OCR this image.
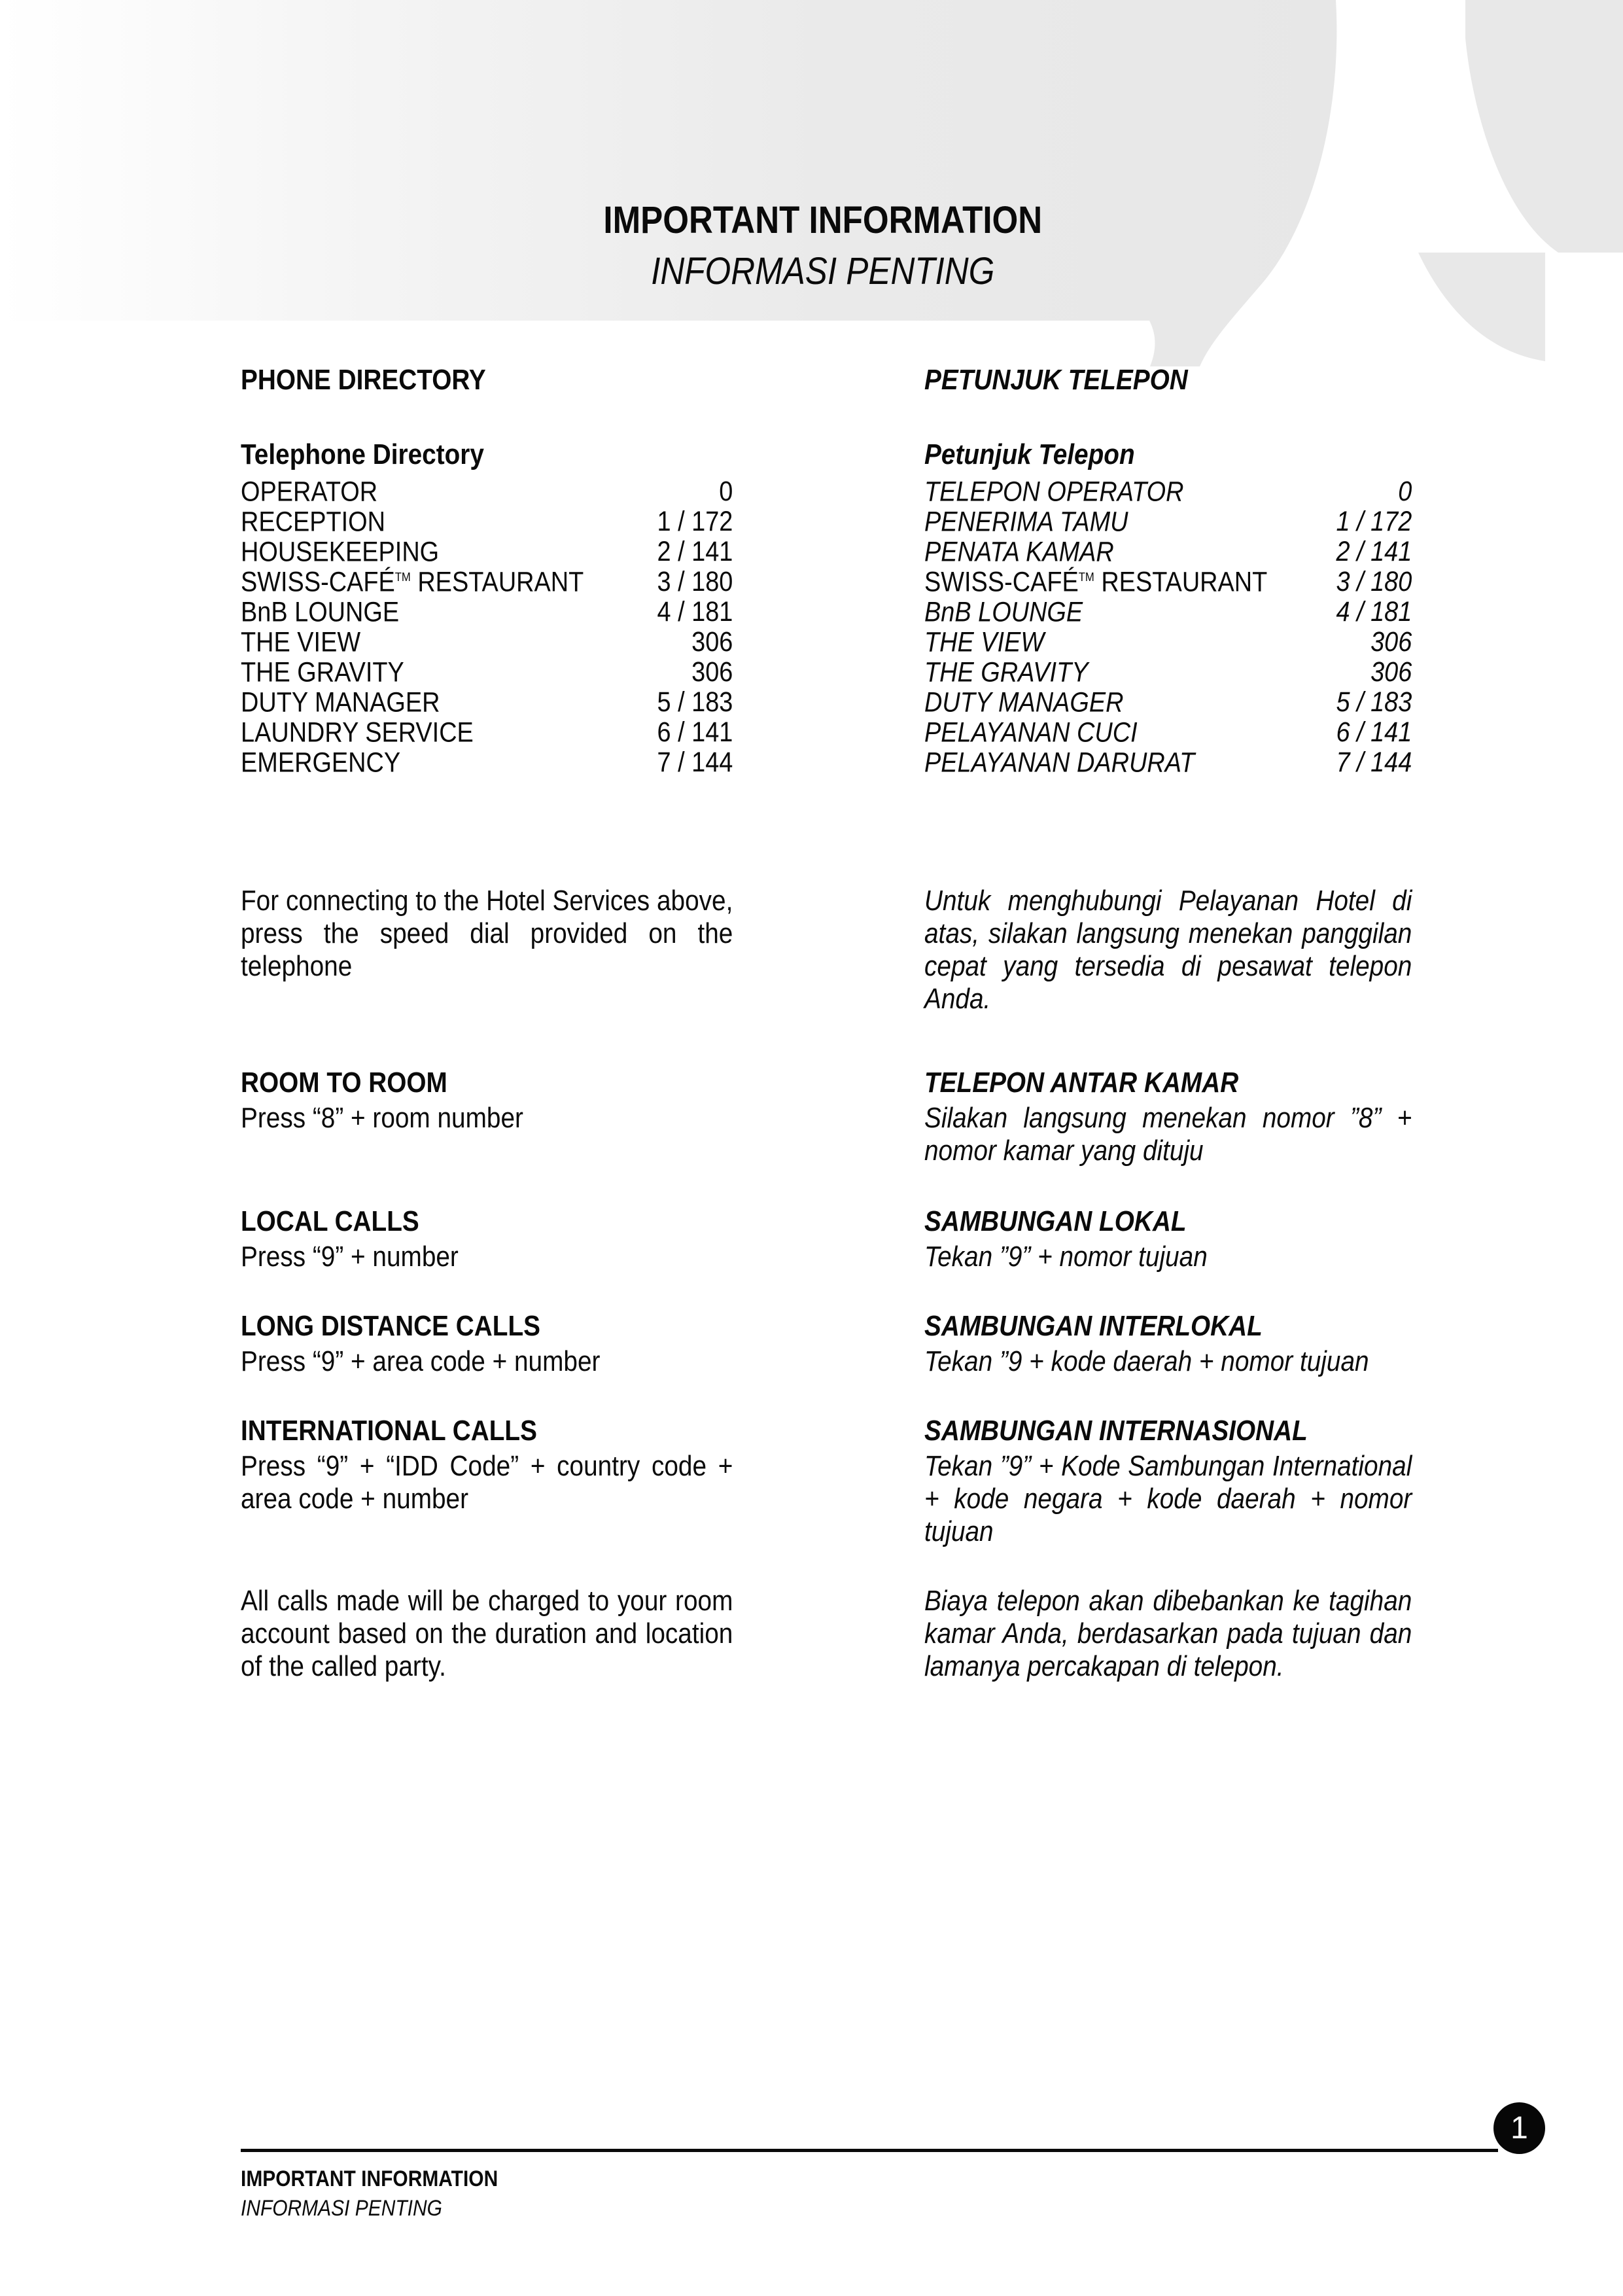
IMPORTANT INFORMATION
INFORMASI PENTING
PHONE DIRECTORY	PETUNJUK TELEPON
Telephone Directory	Petunjuk Telepon
OPERATOR	0
RECEPTION	1 / 172
HOUSEKEEPING	2 / 141
SWISS-CAFÉ™ RESTAURANT	3 / 180
BnB LOUNGE	4 / 181
THE VIEW	306
THE GRAVITY	306
DUTY MANAGER	5 / 183
LAUNDRY SERVICE	6 / 141
EMERGENCY	7 / 144
TELEPON OPERATOR	0
PENERIMA TAMU	1 / 172
PENATA KAMAR	2 / 141
SWISS-CAFÉ™ RESTAURANT 3 / 180
BnB LOUNGE	4 / 181
THE VIEW	306
THE GRAVITY	306
DUTY MANAGER	5 / 183
PELAYANAN CUCI	6 / 141
PELAYANAN DARURAT	7 / 144
For connecting to the Hotel Services above, press the speed dial provided on the telephone
Untuk menghubungi Pelayanan Hotel di atas, silakan langsung menekan panggilan cepat yang tersedia di pesawat telepon Anda.
ROOM TO ROOM
Press “8” + room number
TELEPON ANTAR KAMAR
Silakan langsung menekan nomor ”8” + nomor kamar yang dituju
LOCAL CALLS
Press “9” + number
SAMBUNGAN LOKAL
Tekan ”9” + nomor tujuan
LONG DISTANCE CALLS
Press “9” + area code + number
SAMBUNGAN INTERLOKAL
Tekan ”9 + kode daerah + nomor tujuan
INTERNATIONAL CALLS
Press “9” + “IDD Code” + country code + area code + number
SAMBUNGAN INTERNASIONAL
Tekan ”9” + Kode Sambungan International + kode negara + kode daerah + nomor tujuan
All calls made will be charged to your room account based on the duration and location of the called party.
Biaya telepon akan dibebankan ke tagihan kamar Anda, berdasarkan pada tujuan dan lamanya percakapan di telepon.
1
IMPORTANT INFORMATION
INFORMASI PENTING
